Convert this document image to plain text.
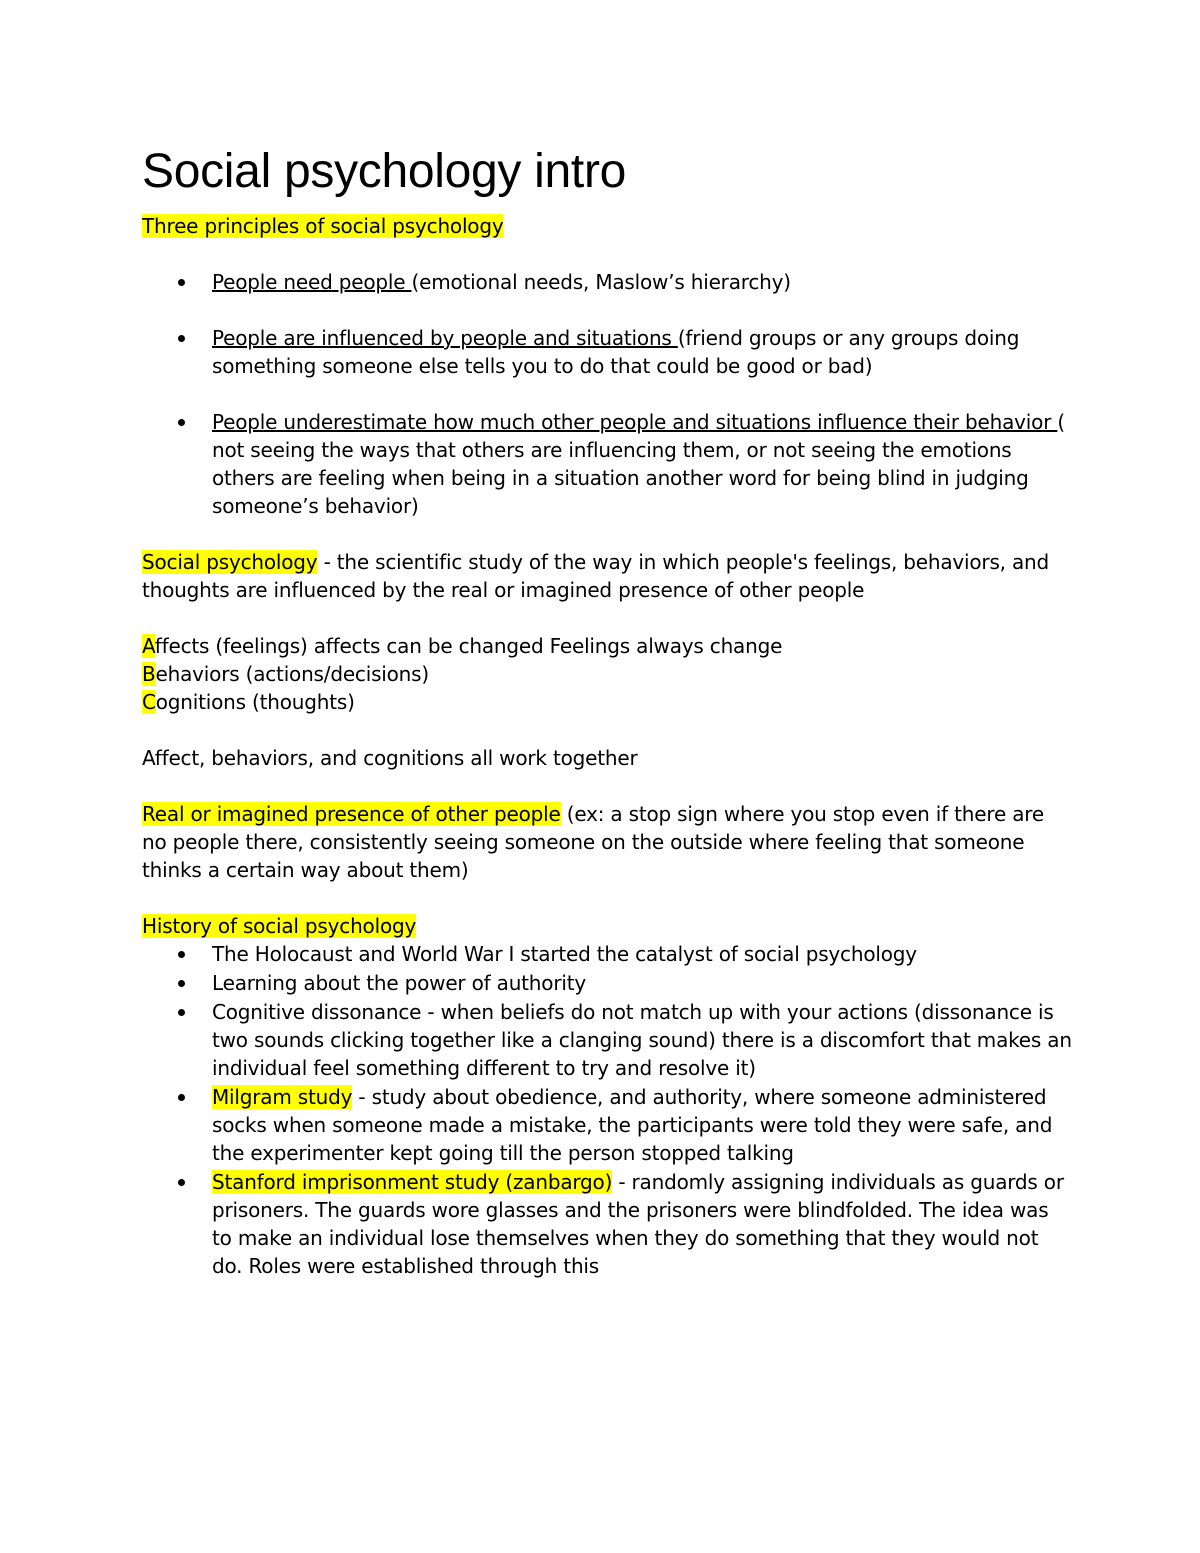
Social psychology intro

Three principles of social psychology

People need people (emotional needs, Maslow’s hierarchy)
People are influenced by people and situations (friend groups or any groups doing something someone else tells you to do that could be good or bad)
People underestimate how much other people and situations influence their behavior ( not seeing the ways that others are influencing them, or not seeing the emotions others are feeling when being in a situation another word for being blind in judging someone’s behavior)

Social psychology - the scientific study of the way in which people's feelings, behaviors, and thoughts are influenced by the real or imagined presence of other people

Affects (feelings) affects can be changed Feelings always change

Behaviors (actions/decisions)

Cognitions (thoughts)

Affect, behaviors, and cognitions all work together

Real or imagined presence of other people (ex: a stop sign where you stop even if there are no people there, consistently seeing someone on the outside where feeling that someone thinks a certain way about them)

History of social psychology

The Holocaust and World War I started the catalyst of social psychology
Learning about the power of authority
Cognitive dissonance - when beliefs do not match up with your actions (dissonance is two sounds clicking together like a clanging sound) there is a discomfort that makes an individual feel something different to try and resolve it)
Milgram study - study about obedience, and authority, where someone administered socks when someone made a mistake, the participants were told they were safe, and the experimenter kept going till the person stopped talking
Stanford imprisonment study (zanbargo) - randomly assigning individuals as guards or prisoners. The guards wore glasses and the prisoners were blindfolded. The idea was to make an individual lose themselves when they do something that they would not do. Roles were established through this
